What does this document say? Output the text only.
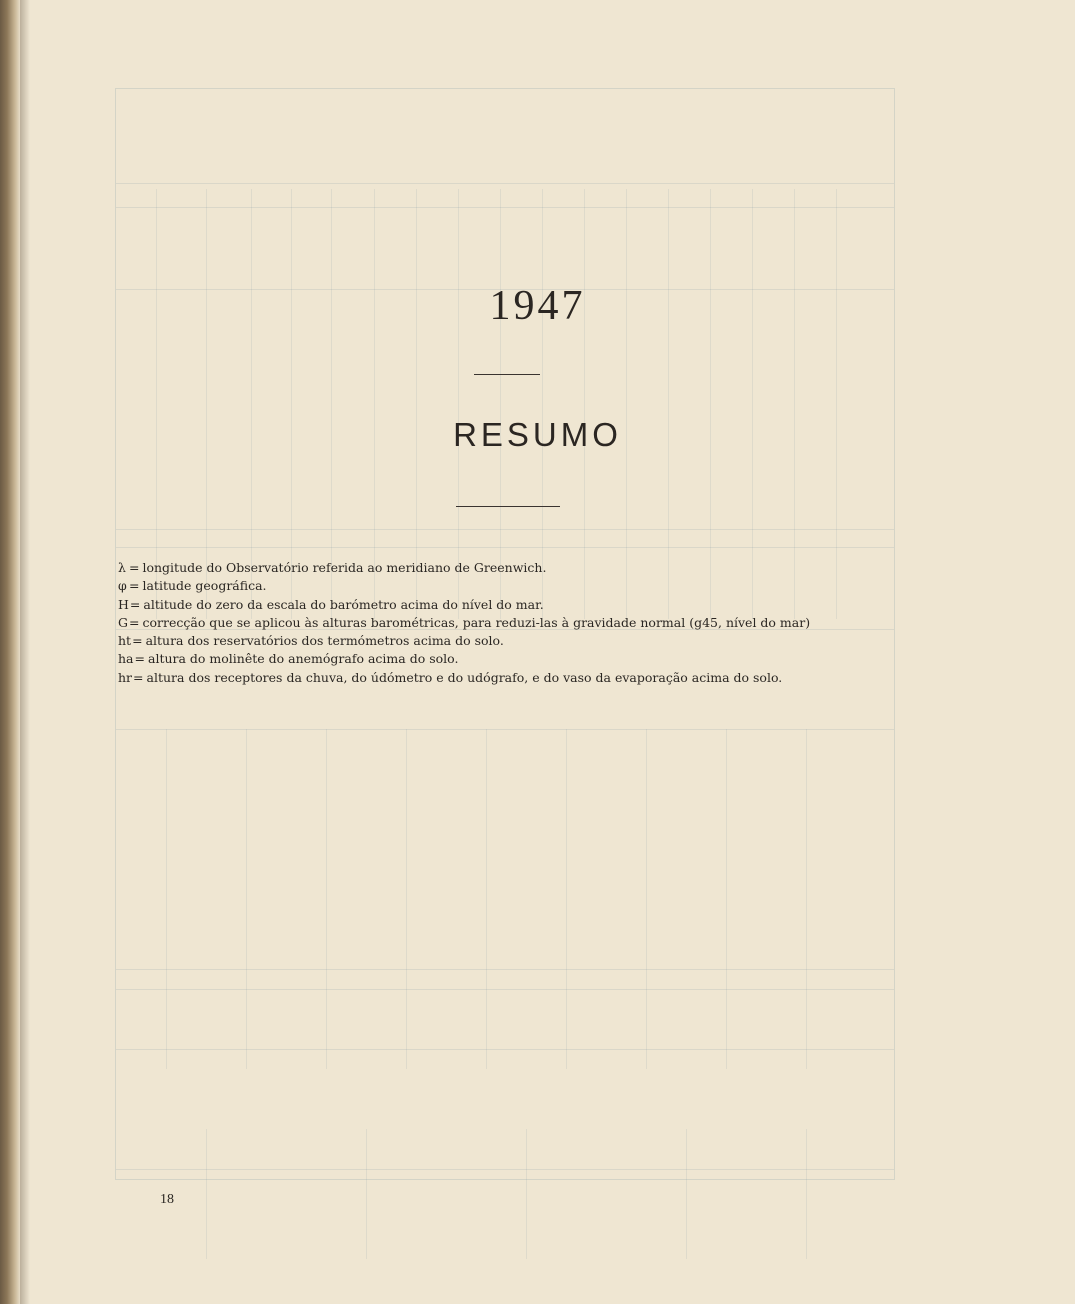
1947
RESUMO
λ = longitude do Observatório referida ao meridiano de Greenwich.
φ = latitude geográfica.
H= altitude do zero da escala do barómetro acima do nível do mar.
G= correcção que se aplicou às alturas barométricas, para reduzi-las à gravidade normal (g45, nível do mar)
ht= altura dos reservatórios dos termómetros acima do solo.
ha= altura do molinête do anemógrafo acima do solo.
hr= altura dos receptores da chuva, do údómetro e do udógrafo, e do vaso da evaporação acima do solo.
18
